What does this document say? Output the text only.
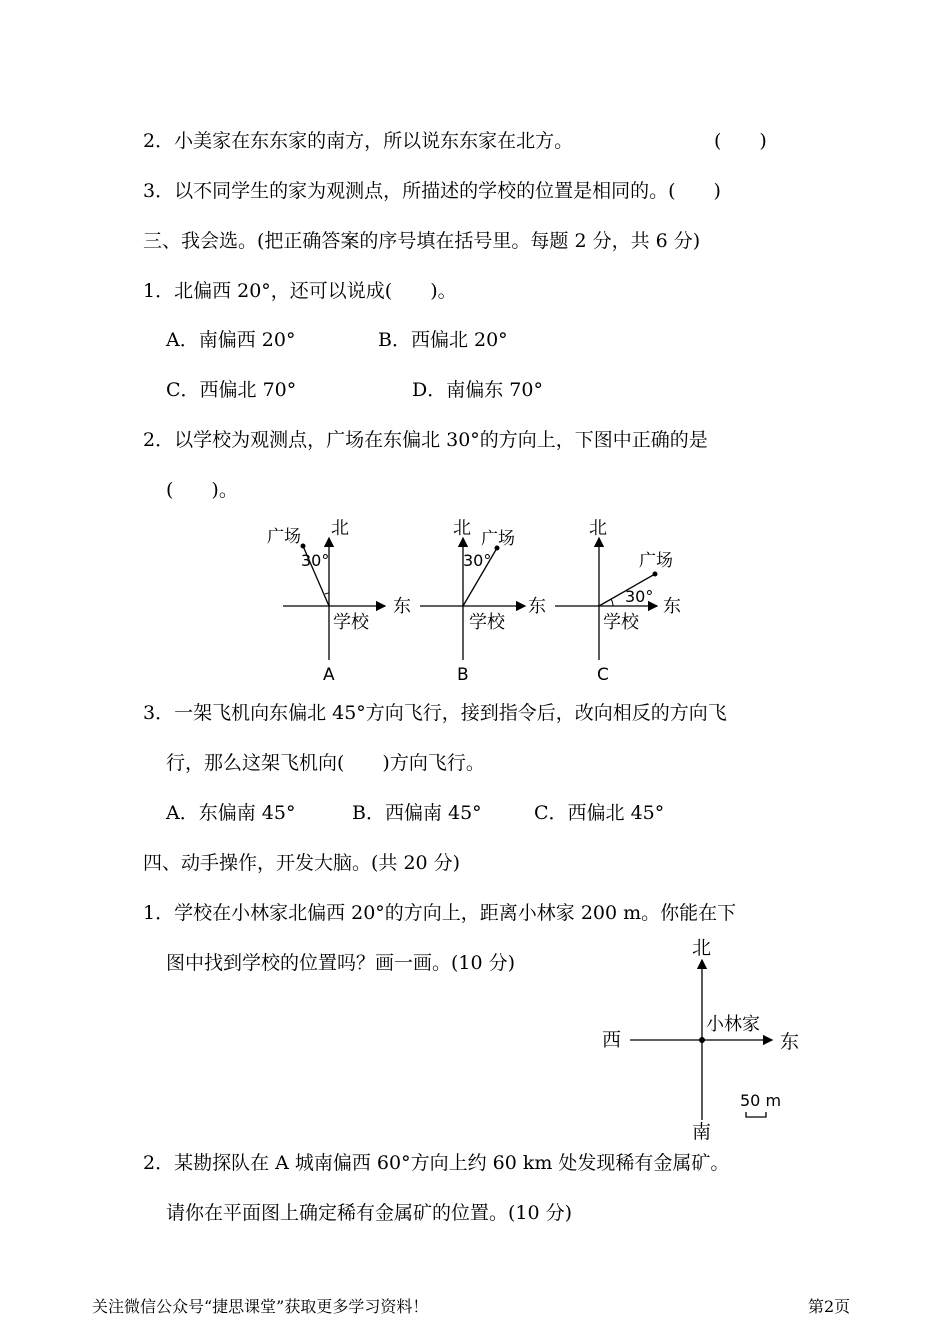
2．小美家在东东家的南方，所以说东东家在北方。	(　　)
3．以不同学生的家为观测点，所描述的学校的位置是相同的。(　　)
三、我会选。(把正确答案的序号填在括号里。每题 2 分，共 6 分)
1．北偏西 20°，还可以说成(　　)。
A．南偏西 20°	B．西偏北 20°
C．西偏北 70°	D．南偏东 70°
2．以学校为观测点，广场在东偏北 30°的方向上，下图中正确的是
(　　)。
北
广场
30°
东
学校
A
北 广场
30°
东
学校
B
北
广场
30° 东
学校
C
3．一架飞机向东偏北 45°方向飞行，接到指令后，改向相反的方向飞
行，那么这架飞机向(　　)方向飞行。
A．东偏南 45°	B．西偏南 45°	C．西偏北 45°
四、动手操作，开发大脑。(共 20 分)
1．学校在小林家北偏西 20°的方向上，距离小林家 200 m。你能在下
图中找到学校的位置吗？画一画。(10 分)
北
西	东
南
小林家
50 m
2．某勘探队在 A 城南偏西 60°方向上约 60 km 处发现稀有金属矿。
请你在平面图上确定稀有金属矿的位置。(10 分)
关注微信公众号“捷思课堂”获取更多学习资料！	第2页
